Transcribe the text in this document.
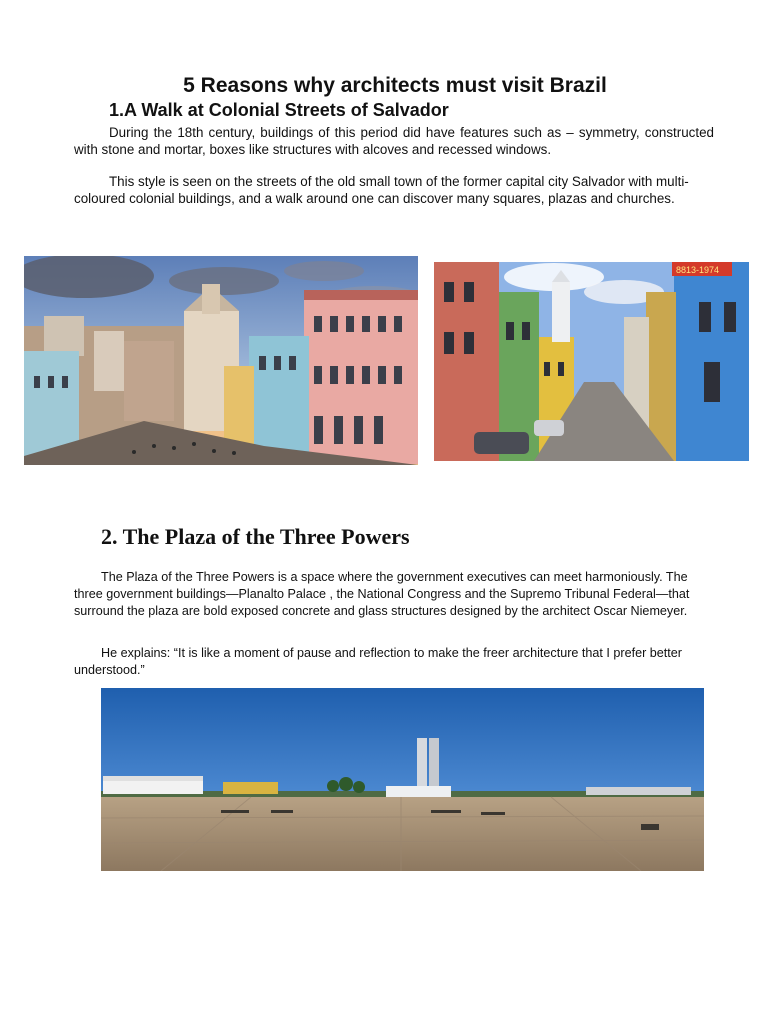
5 Reasons why architects must visit Brazil
1.A Walk at Colonial Streets of Salvador
During the 18th century, buildings of this period did have features such as – symmetry, constructed with stone and mortar, boxes like structures with alcoves and recessed windows.
This style is seen on the streets of the old small town of the former capital city Salvador with multi-coloured colonial buildings, and a walk around one can discover many squares, plazas and churches.
8813-1974
2. The Plaza of the Three Powers
The Plaza of the Three Powers is a space where the government executives can meet harmoniously. The three government buildings—Planalto Palace , the National Congress and the Supremo Tribunal Federal—that surround the plaza are bold exposed concrete and glass structures designed by the architect Oscar Niemeyer.
He explains: “It is like a moment of pause and reflection to make the freer architecture that I prefer better understood.”
